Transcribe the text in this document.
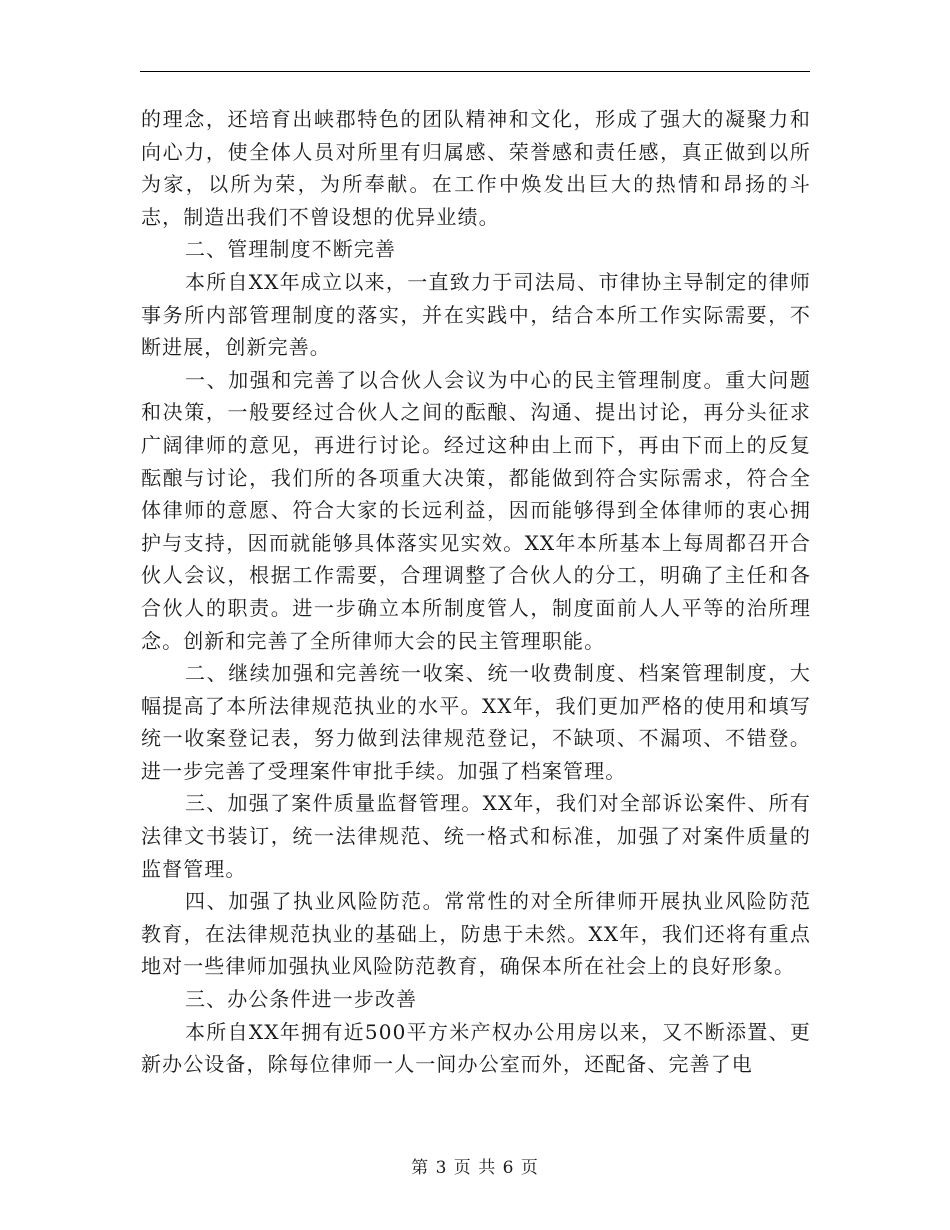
的理念，还培育出峡郡特色的团队精神和文化，形成了强大的凝聚力和向心力，使全体人员对所里有归属感、荣誉感和责任感，真正做到以所为家，以所为荣，为所奉献。在工作中焕发出巨大的热情和昂扬的斗志，制造出我们不曾设想的优异业绩。

二、管理制度不断完善

本所自XX年成立以来，一直致力于司法局、市律协主导制定的律师事务所内部管理制度的落实，并在实践中，结合本所工作实际需要，不断进展，创新完善。

一、加强和完善了以合伙人会议为中心的民主管理制度。重大问题和决策，一般要经过合伙人之间的酝酿、沟通、提出讨论，再分头征求广阔律师的意见，再进行讨论。经过这种由上而下，再由下而上的反复酝酿与讨论，我们所的各项重大决策，都能做到符合实际需求，符合全体律师的意愿、符合大家的长远利益，因而能够得到全体律师的衷心拥护与支持，因而就能够具体落实见实效。XX年本所基本上每周都召开合伙人会议，根据工作需要，合理调整了合伙人的分工，明确了主任和各合伙人的职责。进一步确立本所制度管人，制度面前人人平等的治所理念。创新和完善了全所律师大会的民主管理职能。

二、继续加强和完善统一收案、统一收费制度、档案管理制度，大幅提高了本所法律规范执业的水平。XX年，我们更加严格的使用和填写统一收案登记表，努力做到法律规范登记，不缺项、不漏项、不错登。进一步完善了受理案件审批手续。加强了档案管理。

三、加强了案件质量监督管理。XX年，我们对全部诉讼案件、所有法律文书装订，统一法律规范、统一格式和标准，加强了对案件质量的监督管理。

四、加强了执业风险防范。常常性的对全所律师开展执业风险防范教育，在法律规范执业的基础上，防患于未然。XX年，我们还将有重点地对一些律师加强执业风险防范教育，确保本所在社会上的良好形象。

三、办公条件进一步改善

本所自XX年拥有近500平方米产权办公用房以来，又不断添置、更新办公设备，除每位律师一人一间办公室而外，还配备、完善了电

第 3 页 共 6 页
